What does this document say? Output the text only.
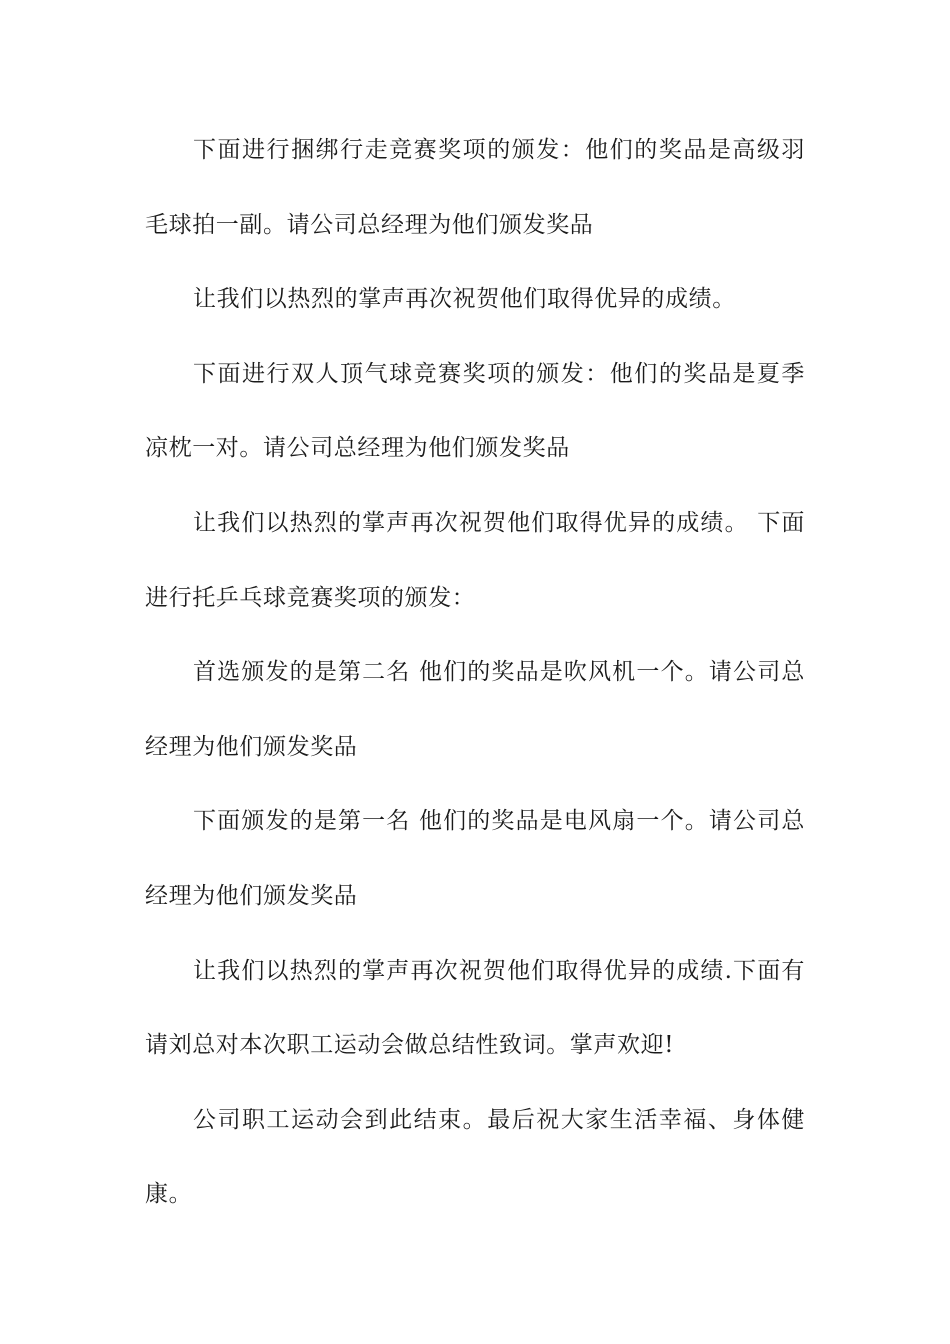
下面进行捆绑行走竞赛奖项的颁发：他们的奖品是高级羽毛球拍一副。请公司总经理为他们颁发奖品

让我们以热烈的掌声再次祝贺他们取得优异的成绩。

下面进行双人顶气球竞赛奖项的颁发：他们的奖品是夏季凉枕一对。请公司总经理为他们颁发奖品

让我们以热烈的掌声再次祝贺他们取得优异的成绩。 下面进行托乒乓球竞赛奖项的颁发：

首选颁发的是第二名 他们的奖品是吹风机一个。请公司总经理为他们颁发奖品

下面颁发的是第一名 他们的奖品是电风扇一个。请公司总经理为他们颁发奖品

让我们以热烈的掌声再次祝贺他们取得优异的成绩.下面有请刘总对本次职工运动会做总结性致词。掌声欢迎!

公司职工运动会到此结束。最后祝大家生活幸福、身体健康。
